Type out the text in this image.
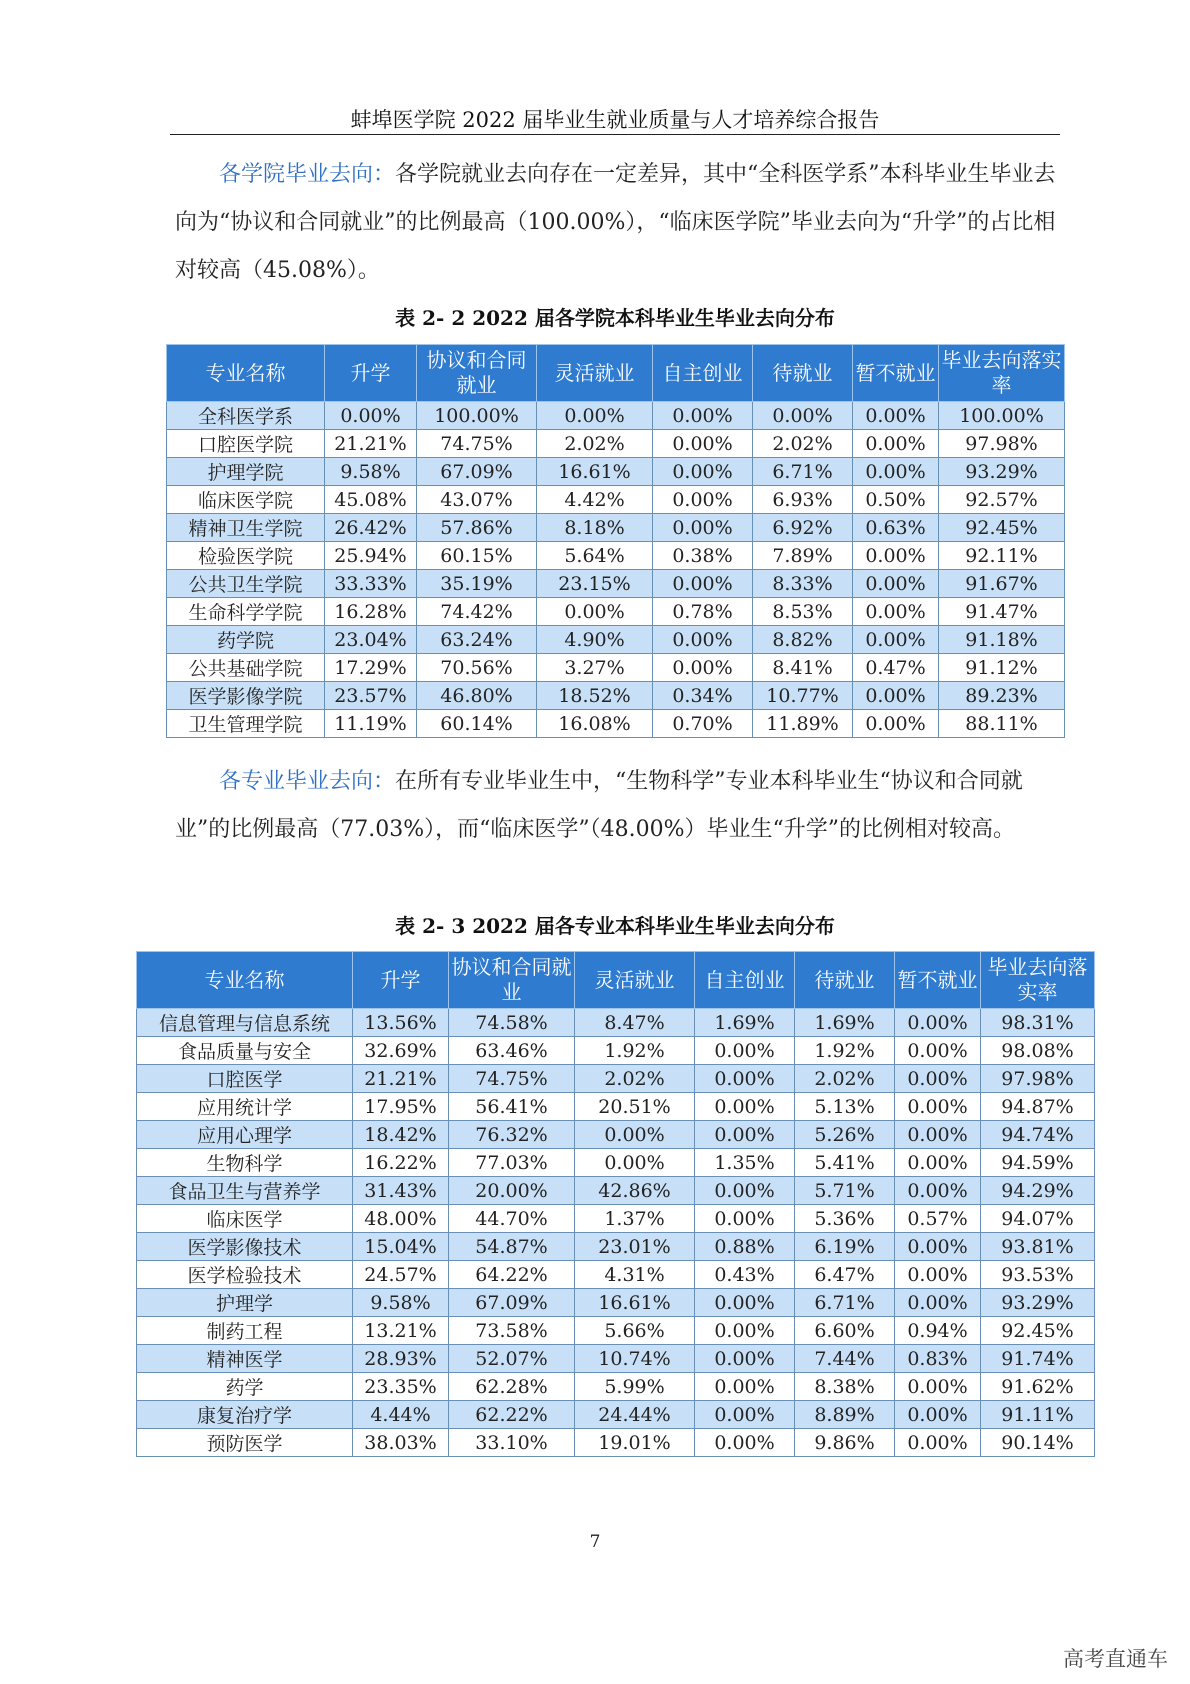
蚌埠医学院 2022 届毕业生就业质量与人才培养综合报告

各学院毕业去向：各学院就业去向存在一定差异，其中“全科医学系”本科毕业生毕业去向为“协议和合同就业”的比例最高（100.00%），“临床医学院”毕业去向为“升学”的占比相对较高（45.08%）。

表 2- 2 2022 届各学院本科毕业生毕业去向分布
专业名称	升学	协议和合同就业	灵活就业	自主创业	待就业	暂不就业	毕业去向落实率
全科医学系	0.00%	100.00%	0.00%	0.00%	0.00%	0.00%	100.00%
口腔医学院	21.21%	74.75%	2.02%	0.00%	2.02%	0.00%	97.98%
护理学院	9.58%	67.09%	16.61%	0.00%	6.71%	0.00%	93.29%
临床医学院	45.08%	43.07%	4.42%	0.00%	6.93%	0.50%	92.57%
精神卫生学院	26.42%	57.86%	8.18%	0.00%	6.92%	0.63%	92.45%
检验医学院	25.94%	60.15%	5.64%	0.38%	7.89%	0.00%	92.11%
公共卫生学院	33.33%	35.19%	23.15%	0.00%	8.33%	0.00%	91.67%
生命科学学院	16.28%	74.42%	0.00%	0.78%	8.53%	0.00%	91.47%
药学院	23.04%	63.24%	4.90%	0.00%	8.82%	0.00%	91.18%
公共基础学院	17.29%	70.56%	3.27%	0.00%	8.41%	0.47%	91.12%
医学影像学院	23.57%	46.80%	18.52%	0.34%	10.77%	0.00%	89.23%
卫生管理学院	11.19%	60.14%	16.08%	0.70%	11.89%	0.00%	88.11%

各专业毕业去向：在所有专业毕业生中，“生物科学”专业本科毕业生“协议和合同就业”的比例最高（77.03%），而“临床医学”（48.00%）毕业生“升学”的比例相对较高。

表 2- 3 2022 届各专业本科毕业生毕业去向分布
专业名称	升学	协议和合同就业	灵活就业	自主创业	待就业	暂不就业	毕业去向落实率
信息管理与信息系统	13.56%	74.58%	8.47%	1.69%	1.69%	0.00%	98.31%
食品质量与安全	32.69%	63.46%	1.92%	0.00%	1.92%	0.00%	98.08%
口腔医学	21.21%	74.75%	2.02%	0.00%	2.02%	0.00%	97.98%
应用统计学	17.95%	56.41%	20.51%	0.00%	5.13%	0.00%	94.87%
应用心理学	18.42%	76.32%	0.00%	0.00%	5.26%	0.00%	94.74%
生物科学	16.22%	77.03%	0.00%	1.35%	5.41%	0.00%	94.59%
食品卫生与营养学	31.43%	20.00%	42.86%	0.00%	5.71%	0.00%	94.29%
临床医学	48.00%	44.70%	1.37%	0.00%	5.36%	0.57%	94.07%
医学影像技术	15.04%	54.87%	23.01%	0.88%	6.19%	0.00%	93.81%
医学检验技术	24.57%	64.22%	4.31%	0.43%	6.47%	0.00%	93.53%
护理学	9.58%	67.09%	16.61%	0.00%	6.71%	0.00%	93.29%
制药工程	13.21%	73.58%	5.66%	0.00%	6.60%	0.94%	92.45%
精神医学	28.93%	52.07%	10.74%	0.00%	7.44%	0.83%	91.74%
药学	23.35%	62.28%	5.99%	0.00%	8.38%	0.00%	91.62%
康复治疗学	4.44%	62.22%	24.44%	0.00%	8.89%	0.00%	91.11%
预防医学	38.03%	33.10%	19.01%	0.00%	9.86%	0.00%	90.14%
7
高考直通车
